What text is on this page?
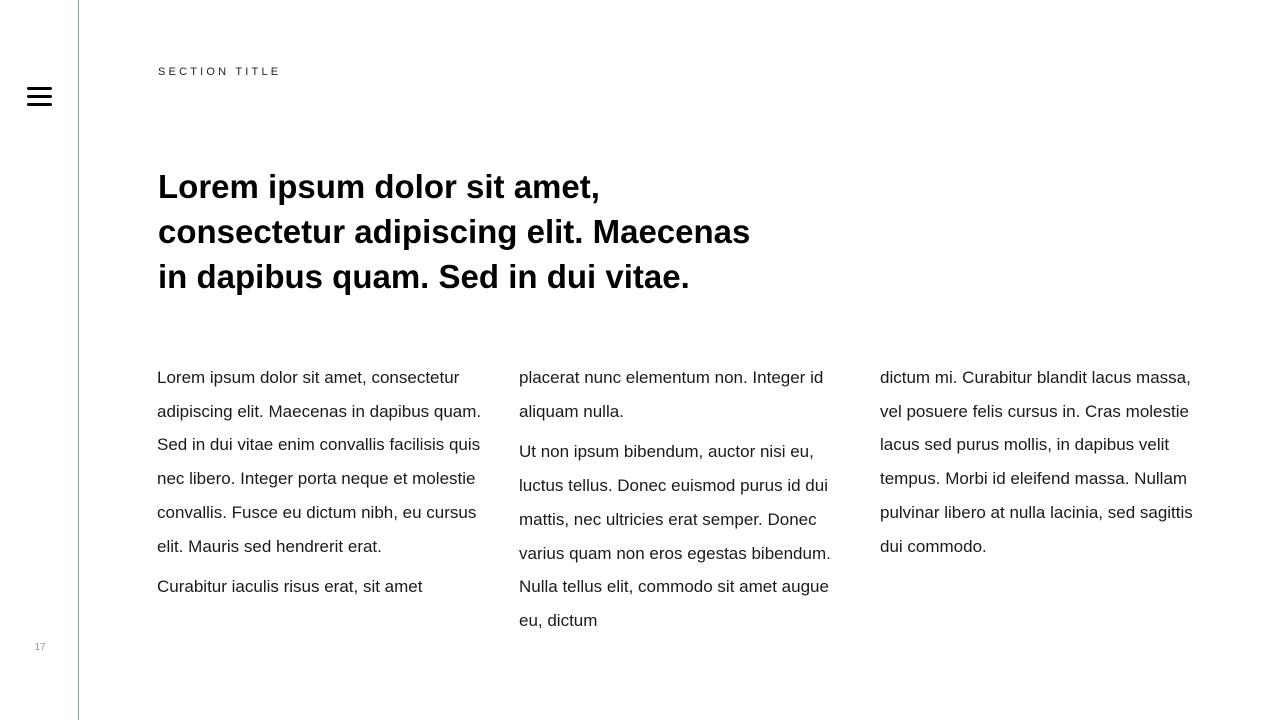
17
SECTION TITLE
Lorem ipsum dolor sit amet,
consectetur adipiscing elit. Maecenas
in dapibus quam. Sed in dui vitae.

Lorem ipsum dolor sit amet, consectetur adipiscing elit. Maecenas in dapibus quam. Sed in dui vitae enim convallis facilisis quis nec libero. Integer porta neque et molestie convallis. Fusce eu dictum nibh, eu cursus elit. Mauris sed hendrerit erat.

Curabitur iaculis risus erat, sit amet

placerat nunc elementum non. Integer id aliquam nulla.

Ut non ipsum bibendum, auctor nisi eu, luctus tellus. Donec euismod purus id dui mattis, nec ultricies erat semper. Donec varius quam non eros egestas bibendum. Nulla tellus elit, commodo sit amet augue eu, dictum

dictum mi. Curabitur blandit lacus massa, vel posuere felis cursus in. Cras molestie lacus sed purus mollis, in dapibus velit tempus. Morbi id eleifend massa. Nullam pulvinar libero at nulla lacinia, sed sagittis dui commodo.
